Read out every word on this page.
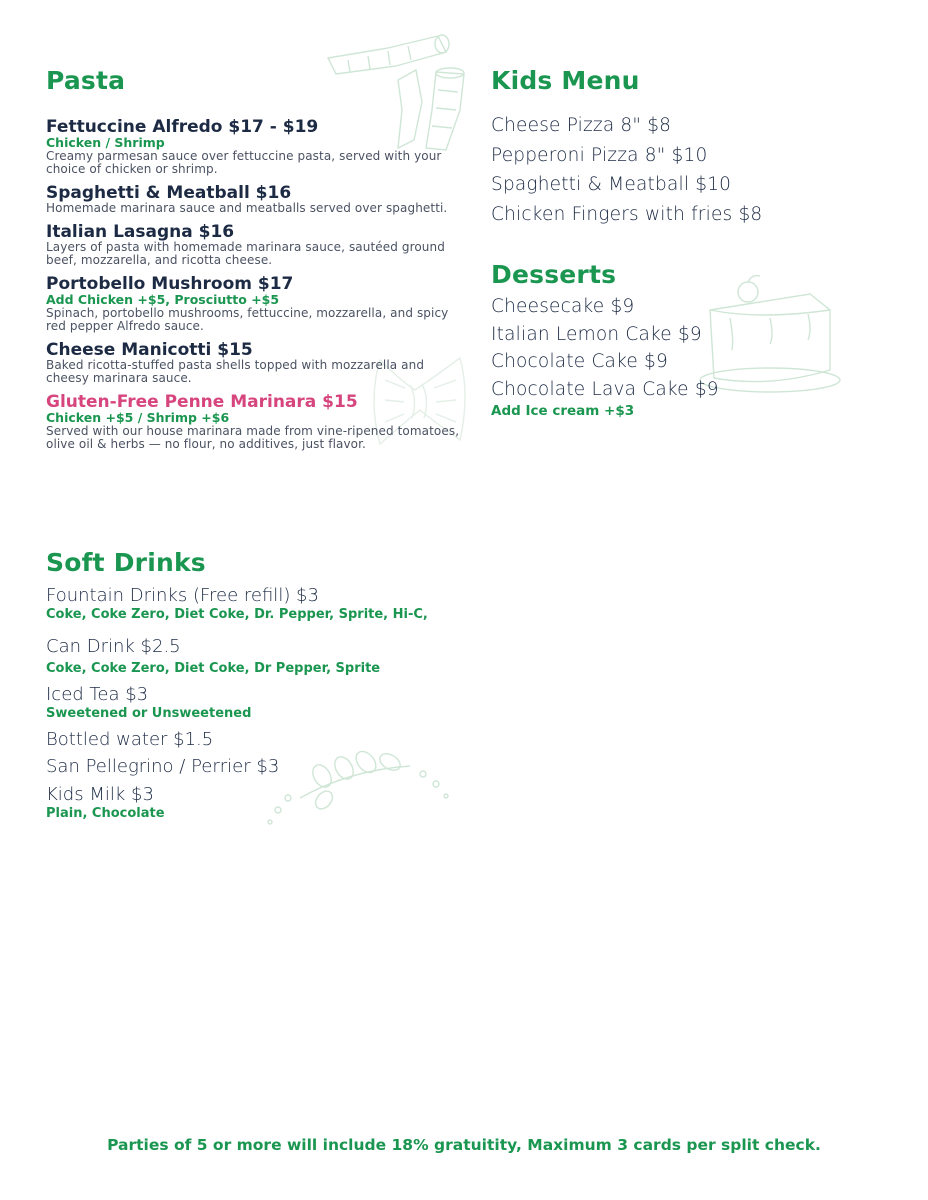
Pasta
Fettuccine Alfredo $17 - $19
Chicken / Shrimp
Creamy parmesan sauce over fettuccine pasta, served with your choice of chicken or shrimp.
Spaghetti & Meatball $16
Homemade marinara sauce and meatballs served over spaghetti.
Italian Lasagna $16
Layers of pasta with homemade marinara sauce, sautéed ground beef, mozzarella, and ricotta cheese.
Portobello Mushroom $17
Add Chicken +$5, Prosciutto +$5
Spinach, portobello mushrooms, fettuccine, mozzarella, and spicy red pepper Alfredo sauce.
Cheese Manicotti $15
Baked ricotta-stuffed pasta shells topped with mozzarella and cheesy marinara sauce.
Gluten-Free Penne Marinara $15
Chicken +$5 / Shrimp +$6
Served with our house marinara made from vine-ripened tomatoes, olive oil & herbs — no flour, no additives, just flavor.
Kids Menu
Cheese Pizza 8" $8
Pepperoni Pizza 8" $10
Spaghetti & Meatball $10
Chicken Fingers with fries $8
Desserts
Cheesecake $9
Italian Lemon Cake $9
Chocolate Cake $9
Chocolate Lava Cake $9
Add Ice cream +$3
Soft Drinks
Fountain Drinks (Free refill) $3
Coke, Coke Zero, Diet Coke, Dr. Pepper, Sprite, Hi-C,
Can Drink $2.5
Coke, Coke Zero, Diet Coke, Dr Pepper, Sprite
Iced Tea $3
Sweetened or Unsweetened
Bottled water $1.5
San Pellegrino / Perrier $3
Kids Milk $3
Plain, Chocolate

Parties of 5 or more will include 18% gratuitity, Maximum 3 cards per split check.
